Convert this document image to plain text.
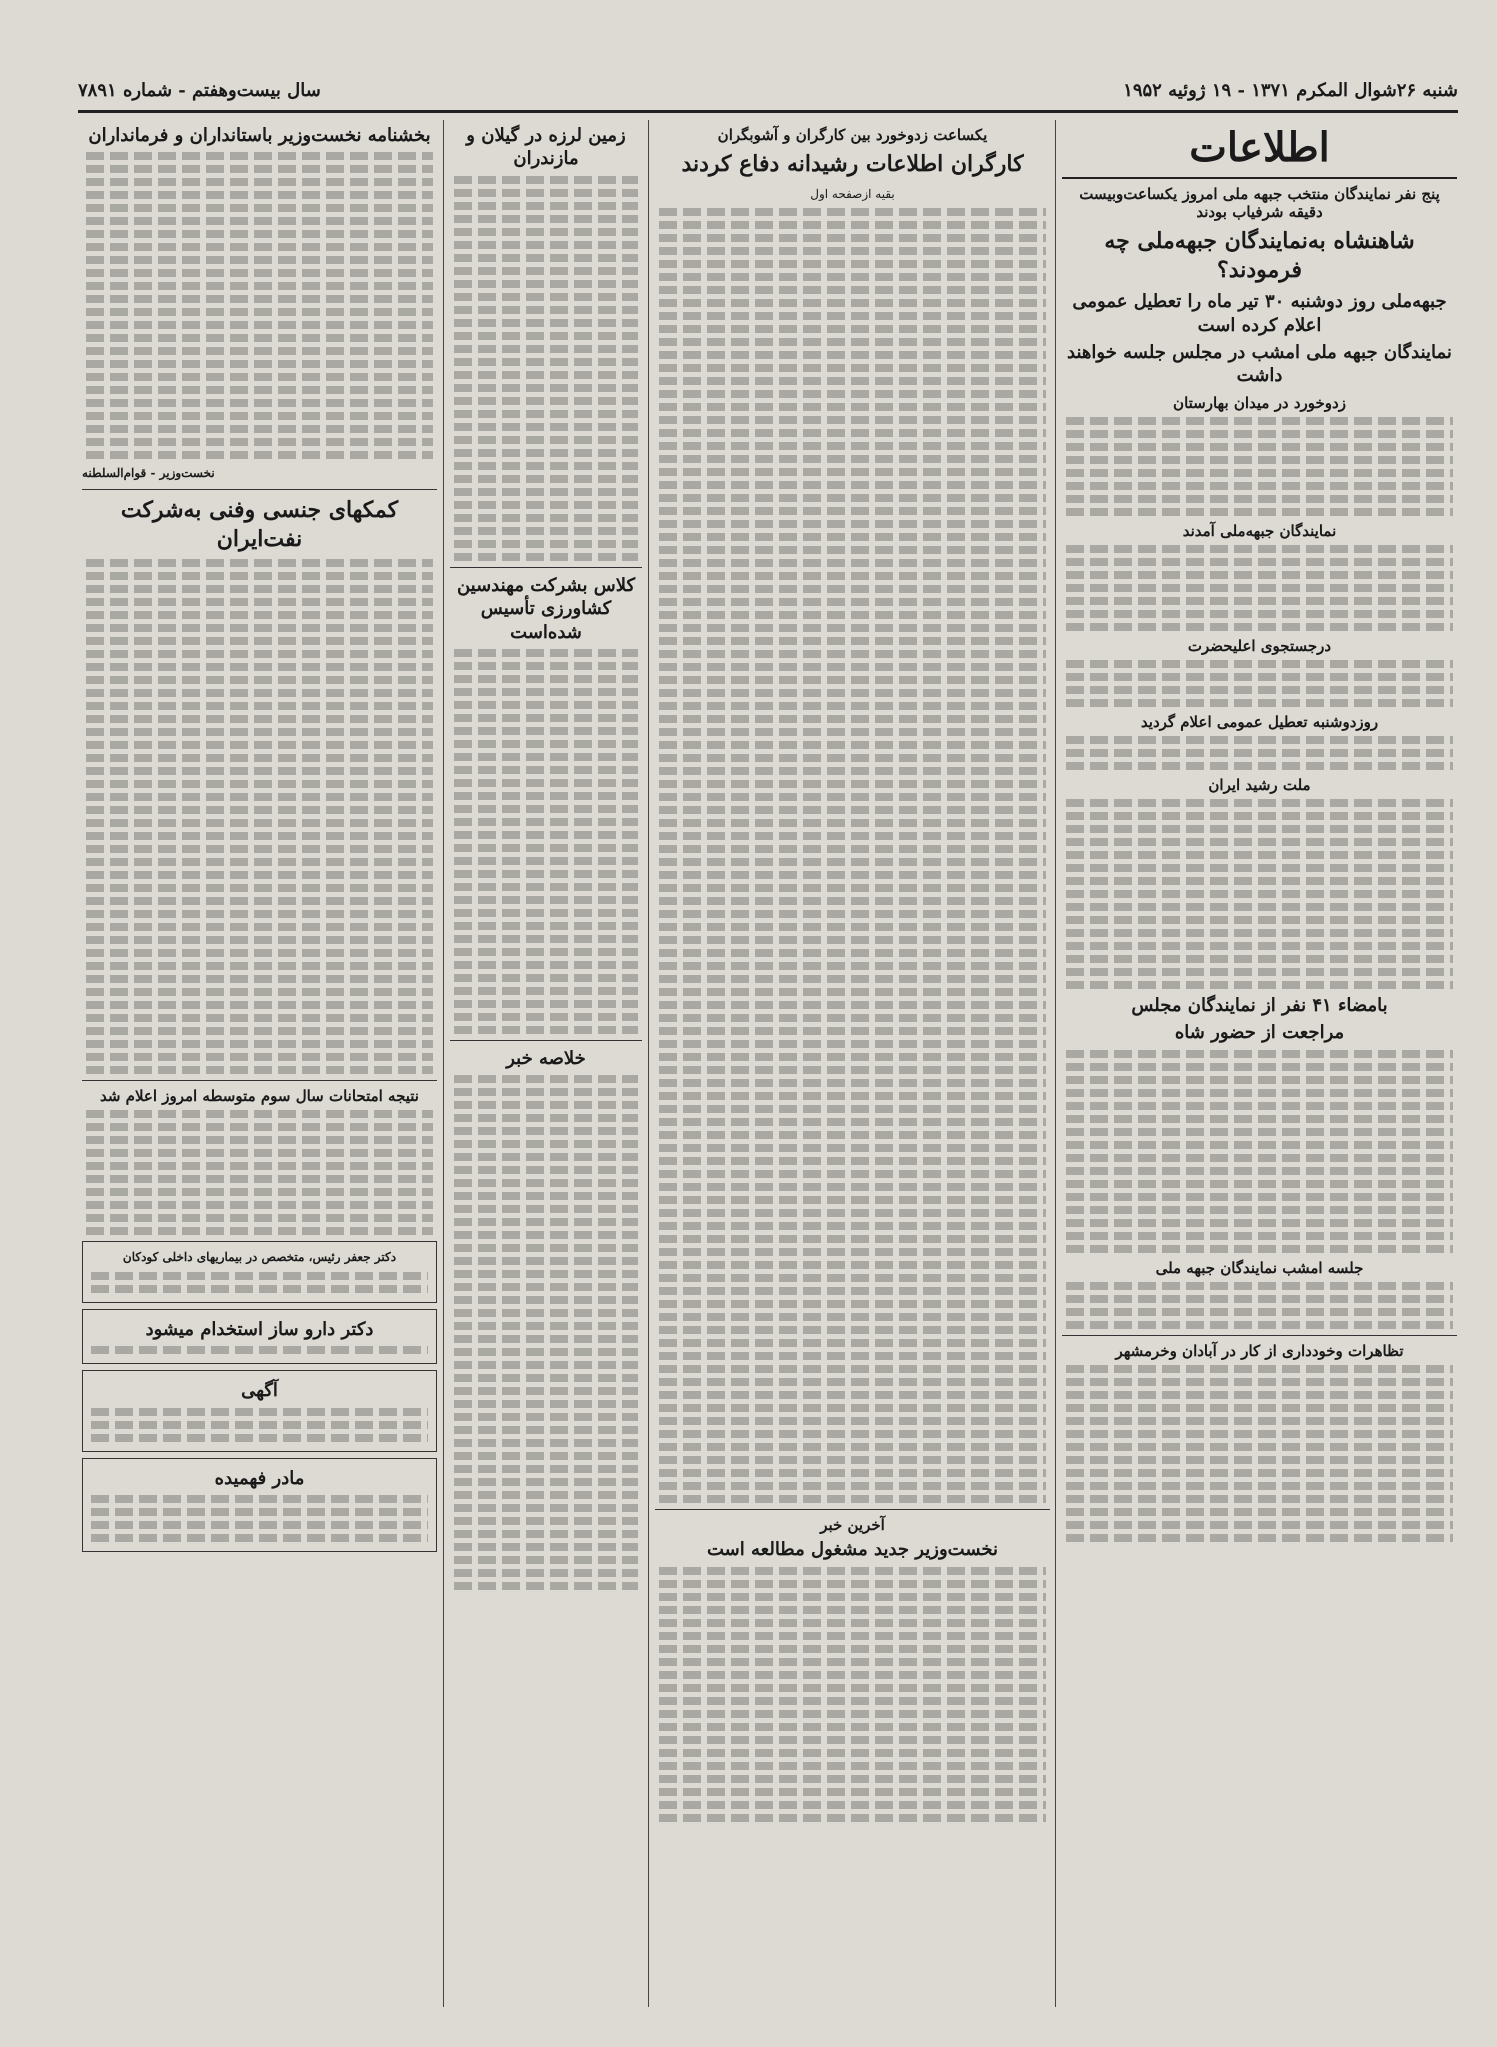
شنبه ۲۶شوال المکرم ۱۳۷۱ - ۱۹ ژوئیه ۱۹۵۲
سال بیست‌وهفتم - شماره ۷۸۹۱
اطلاعات
پنج نفر نمایندگان منتخب جبهه ملی امروز یکساعت‌وبیست دقیقه شرفیاب بودند
شاهنشاه به‌نمایندگان جبهه‌ملی چه فرمودند؟
جبهه‌ملی روز دوشنبه ۳۰ تیر ماه را تعطیل عمومی اعلام کرده است
نمایندگان جبهه ملی امشب در مجلس جلسه خواهند داشت
زدوخورد در میدان بهارستان
نمایندگان جبهه‌ملی آمدند
درجستجوی اعلیحضرت
روزدوشنبه تعطیل عمومی اعلام گردید
ملت رشید ایران
بامضاء ۴۱ نفر از نمایندگان مجلس
مراجعت از حضور شاه
جلسه امشب نمایندگان جبهه ملی
تظاهرات وخودداری از کار در آبادان وخرمشهر
یکساعت زدوخورد بین کارگران و آشوبگران
کارگران اطلاعات رشیدانه دفاع کردند

بقیه ازصفحه اول

آخرین خبر
نخست‌وزیر جدید مشغول مطالعه است
زمین لرزه در گیلان و مازندران
کلاس بشرکت مهندسین کشاورزی تأسیس شده‌است
خلاصه خبر
بخشنامه نخست‌وزیر باستانداران و فرمانداران

نخست‌وزیر - قوام‌السلطنه

کمکهای جنسی وفنی به‌شرکت نفت‌ایران
نتیجه امتحانات سال سوم متوسطه امروز اعلام شد

دکتر جعفر رئیس، متخصص در بیماریهای داخلی کودکان

دکتر دارو ساز استخدام میشود
آگهی
مادر فهمیده
